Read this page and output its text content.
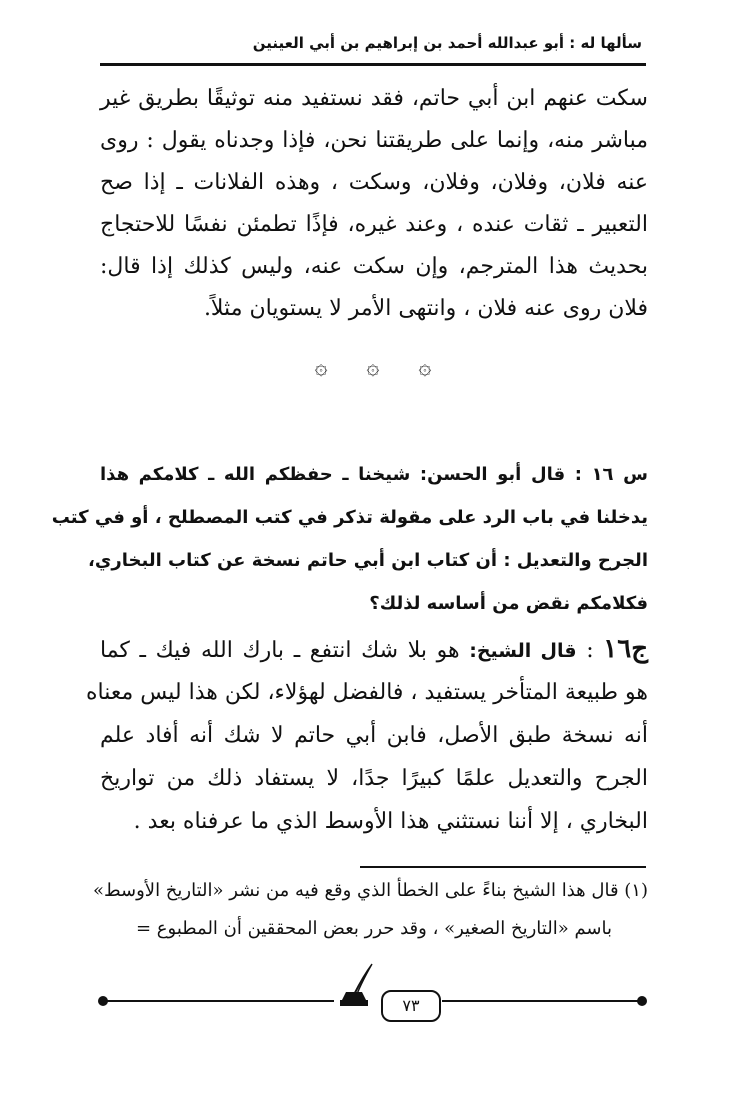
سألها له : أبو عبدالله أحمد بن إبراهيم بن أبي العينين
سكت عنهم ابن أبي حاتم، فقد نستفيد منه توثيقًا بطريق غير
مباشر منه، وإنما على طريقتنا نحن، فإذا وجدناه يقول : روى
عنه فلان، وفلان، وفلان، وسكت ، وهذه الفلانات ـ إذا صح
التعبير ـ ثقات عنده ، وعند غيره، فإذًا تطمئن نفسًا للاحتجاج
بحديث هذا المترجم، وإن سكت عنه، وليس كذلك إذا قال:
فلان روى عنه فلان ، وانتهى الأمر لا يستويان مثلاً.
۞ ۞ ۞
س ١٦ : قال أبو الحسن: شيخنا ـ حفظكم الله ـ كلامكم هذا
يدخلنا في باب الرد على مقولة تذكر في كتب المصطلح ، أو في كتب
الجرح والتعديل : أن كتاب ابن أبي حاتم نسخة عن كتاب البخاري،
فكلامكم نقض من أساسه لذلك؟
ج١٦ : قال الشيخ: هو بلا شك انتفع ـ بارك الله فيك ـ كما
هو طبيعة المتأخر يستفيد ، فالفضل لهؤلاء، لكن هذا ليس معناه
أنه نسخة طبق الأصل، فابن أبي حاتم لا شك أنه أفاد علم
الجرح والتعديل علمًا كبيرًا جدًا، لا يستفاد ذلك من تواريخ
البخاري ، إلا أننا نستثني هذا الأوسط الذي ما عرفناه بعد .
(١) قال هذا الشيخ بناءً على الخطأ الذي وقع فيه من نشر «التاريخ الأوسط»
باسم «التاريخ الصغير» ، وقد حرر بعض المحققين أن المطبوع =
٧٣
